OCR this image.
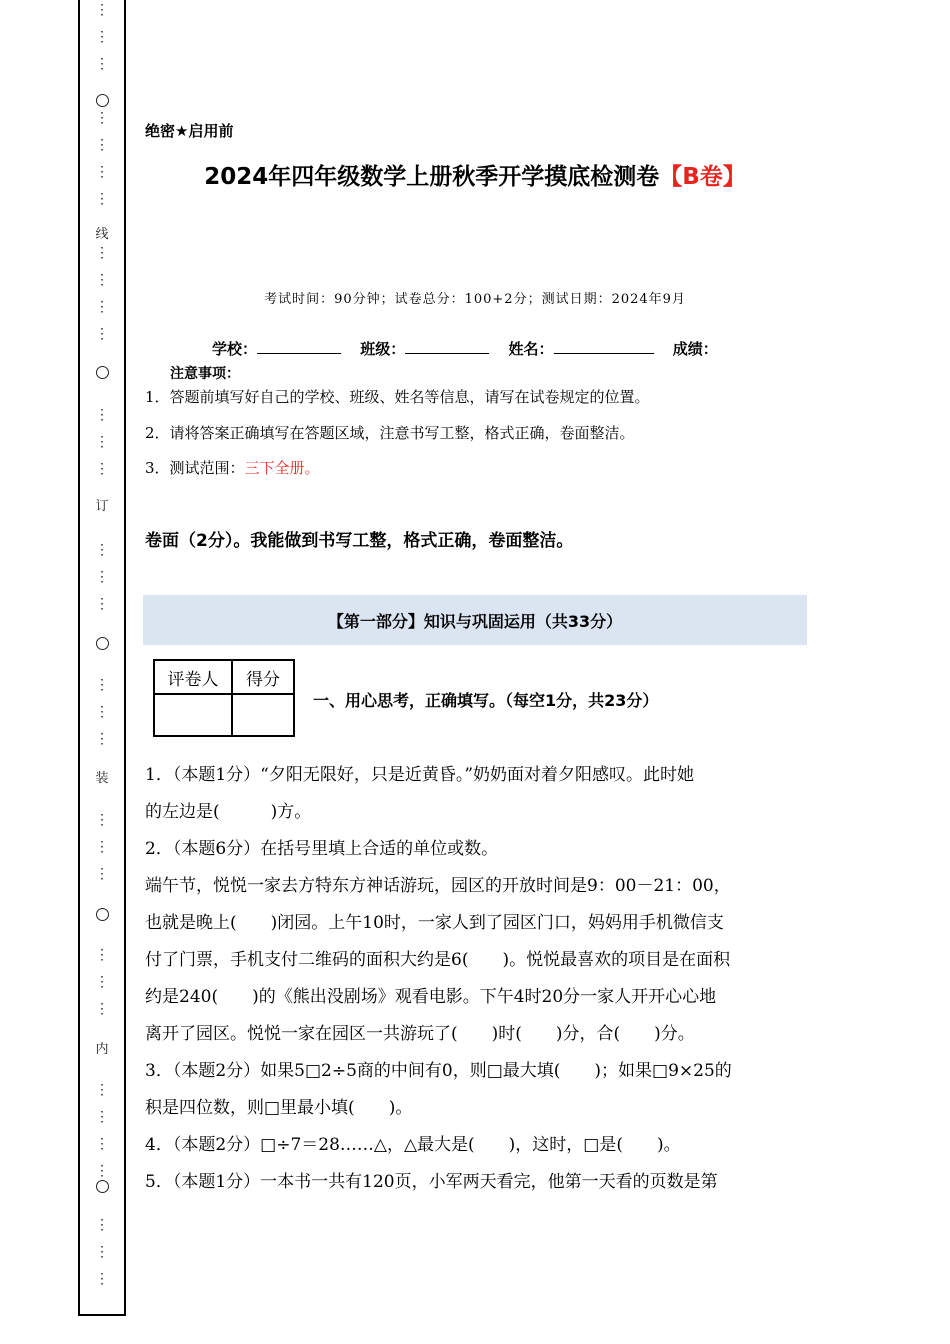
⋮
⋮
⋮
⋮
⋮
⋮
⋮
⋮
⋮
⋮
⋮
⋮
⋮
⋮
⋮
⋮
⋮
⋮
⋮
⋮
⋮
⋮
⋮
⋮
⋮
⋮
⋮
⋮
⋮
⋮
⋮
⋮
⋮
线
订
装
内
绝密★启用前
2024年四年级数学上册秋季开学摸底检测卷【B卷】
考试时间：90分钟；试卷总分：100+2分；测试日期：2024年9月
学校：	班级：	姓名：	成绩：
注意事项：
1．答题前填写好自己的学校、班级、姓名等信息，请写在试卷规定的位置。
2．请将答案正确填写在答题区域，注意书写工整，格式正确，卷面整洁。
3．测试范围：三下全册。
卷面（2分）。我能做到书写工整，格式正确，卷面整洁。
【第一部分】知识与巩固运用（共33分）
评卷人	得分

一、用心思考，正确填写。（每空1分，共23分）
1．（本题1分）“夕阳无限好，只是近黄昏。”奶奶面对着夕阳感叹。此时她
的左边是(　　　)方。
2．（本题6分）在括号里填上合适的单位或数。
端午节，悦悦一家去方特东方神话游玩，园区的开放时间是9：00－21：00，
也就是晚上(　　)闭园。上午10时，一家人到了园区门口，妈妈用手机微信支
付了门票，手机支付二维码的面积大约是6(　　)。悦悦最喜欢的项目是在面积
约是240(　　)的《熊出没剧场》观看电影。下午4时20分一家人开开心心地
离开了园区。悦悦一家在园区一共游玩了(　　)时(　　)分，合(　　)分。
3．（本题2分）如果5□2÷5商的中间有0，则□最大填(　　)；如果□9×25的
积是四位数，则□里最小填(　　)。
4．（本题2分）□÷7＝28……△，△最大是(　　)，这时，□是(　　)。
5．（本题1分）一本书一共有120页，小军两天看完，他第一天看的页数是第
